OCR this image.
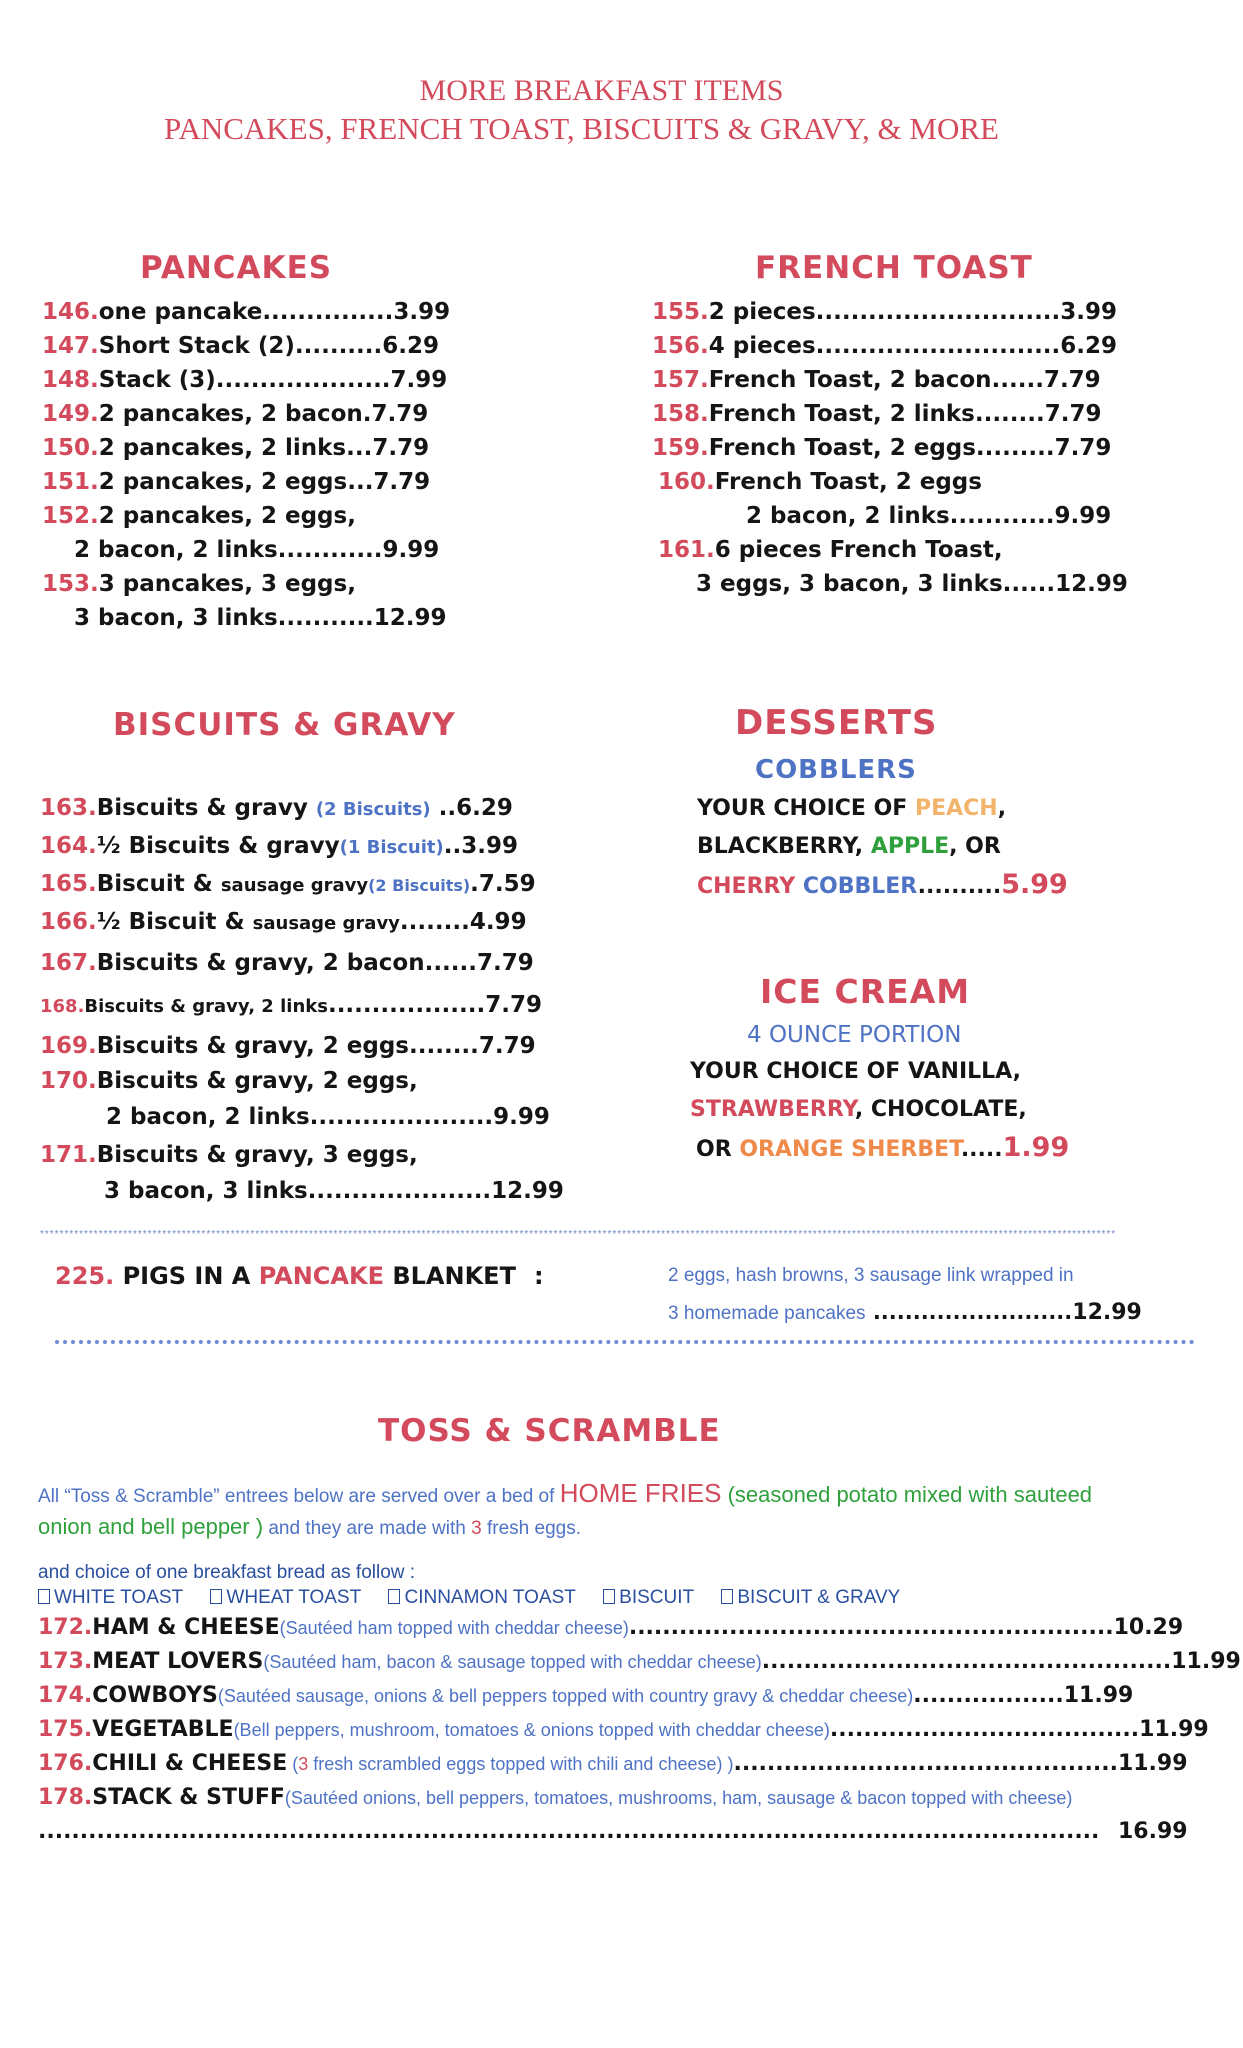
MORE BREAKFAST ITEMS
PANCAKES, FRENCH TOAST, BISCUITS & GRAVY, & MORE
PANCAKES
146.one pancake...............3.99
147.Short Stack (2)..........6.29
148.Stack (3)....................7.99
149.2 pancakes, 2 bacon.7.79
150.2 pancakes, 2 links...7.79
151.2 pancakes, 2 eggs...7.79
152.2 pancakes, 2 eggs,
2 bacon, 2 links............9.99
153.3 pancakes, 3 eggs,
3 bacon, 3 links...........12.99
FRENCH TOAST
155.2 pieces............................3.99
156.4 pieces............................6.29
157.French Toast, 2 bacon......7.79
158.French Toast, 2 links........7.79
159.French Toast, 2 eggs.........7.79
160.French Toast, 2 eggs
2 bacon, 2 links............9.99
161.6 pieces French Toast,
3 eggs, 3 bacon, 3 links......12.99
BISCUITS & GRAVY
163.Biscuits & gravy (2 Biscuits) ..6.29
164.½ Biscuits & gravy(1 Biscuit)..3.99
165.Biscuit & sausage gravy(2 Biscuits).7.59
166.½ Biscuit & sausage gravy........4.99
167.Biscuits & gravy, 2 bacon......7.79
168.Biscuits & gravy, 2 links..................7.79
169.Biscuits & gravy, 2 eggs........7.79
170.Biscuits & gravy, 2 eggs,
2 bacon, 2 links.....................9.99
171.Biscuits & gravy, 3 eggs,
3 bacon, 3 links.....................12.99
DESSERTS
COBBLERS
YOUR CHOICE OF PEACH,
BLACKBERRY, APPLE, OR
CHERRY COBBLER..........5.99
ICE CREAM
4 OUNCE PORTION
YOUR CHOICE OF VANILLA,
STRAWBERRY, CHOCOLATE,
OR ORANGE SHERBET.....1.99
****************************************************************************************************************************************************************************************************************************
225. PIGS IN A PANCAKE BLANKET :	2 eggs, hash browns, 3 sausage link wrapped in
3 homemade pancakes .........................12.99
TOSS & SCRAMBLE
All “Toss & Scramble” entrees below are served over a bed of HOME FRIES (seasoned potato mixed with sauteed
onion and bell pepper ) and they are made with 3 fresh eggs.
and choice of one breakfast bread as follow :
WHITE TOAST WHEAT TOAST CINNAMON TOAST BISCUIT BISCUIT & GRAVY
172.HAM & CHEESE(Sautéed ham topped with cheddar cheese)..........................................................10.29
173.MEAT LOVERS(Sautéed ham, bacon & sausage topped with cheddar cheese).................................................11.99
174.COWBOYS(Sautéed sausage, onions & bell peppers topped with country gravy & cheddar cheese)..................11.99
175.VEGETABLE(Bell peppers, mushroom, tomatoes & onions topped with cheddar cheese).....................................11.99
176.CHILI & CHEESE (3 fresh scrambled eggs topped with chili and cheese) )..............................................11.99
178.STACK & STUFF(Sautéed onions, bell peppers, tomatoes, mushrooms, ham, sausage & bacon topped with cheese)
............................................................................................................................... 16.99
